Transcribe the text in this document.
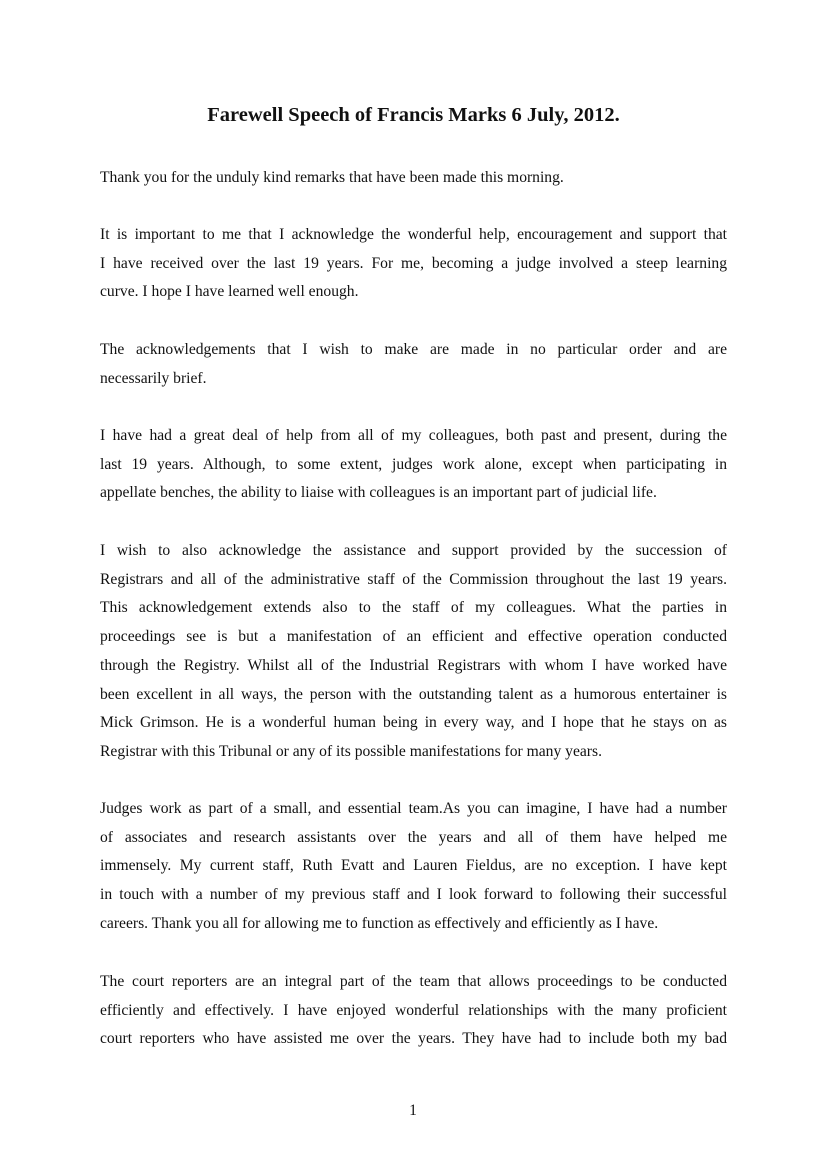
Farewell Speech of Francis Marks 6 July, 2012.

Thank you for the unduly kind remarks that have been made this morning.

It is important to me that I acknowledge the wonderful help, encouragement and support that
I have received over the last 19 years. For me, becoming a judge involved a steep learning
curve. I hope I have learned well enough.

The acknowledgements that I wish to make are made in no particular order and are
necessarily brief.

I have had a great deal of help from all of my colleagues, both past and present, during the
last 19 years. Although, to some extent, judges work alone, except when participating in
appellate benches, the ability to liaise with colleagues is an important part of judicial life.

I wish to also acknowledge the assistance and support provided by the succession of
Registrars and all of the administrative staff of the Commission throughout the last 19 years.
This acknowledgement extends also to the staff of my colleagues. What the parties in
proceedings see is but a manifestation of an efficient and effective operation conducted
through the Registry. Whilst all of the Industrial Registrars with whom I have worked have
been excellent in all ways, the person with the outstanding talent as a humorous entertainer is
Mick Grimson. He is a wonderful human being in every way, and I hope that he stays on as
Registrar with this Tribunal or any of its possible manifestations for many years.

Judges work as part of a small, and essential team.As you can imagine, I have had a number
of associates and research assistants over the years and all of them have helped me
immensely. My current staff, Ruth Evatt and Lauren Fieldus, are no exception. I have kept
in touch with a number of my previous staff and I look forward to following their successful
careers. Thank you all for allowing me to function as effectively and efficiently as I have.

The court reporters are an integral part of the team that allows proceedings to be conducted
efficiently and effectively. I have enjoyed wonderful relationships with the many proficient
court reporters who have assisted me over the years. They have had to include both my bad

1
